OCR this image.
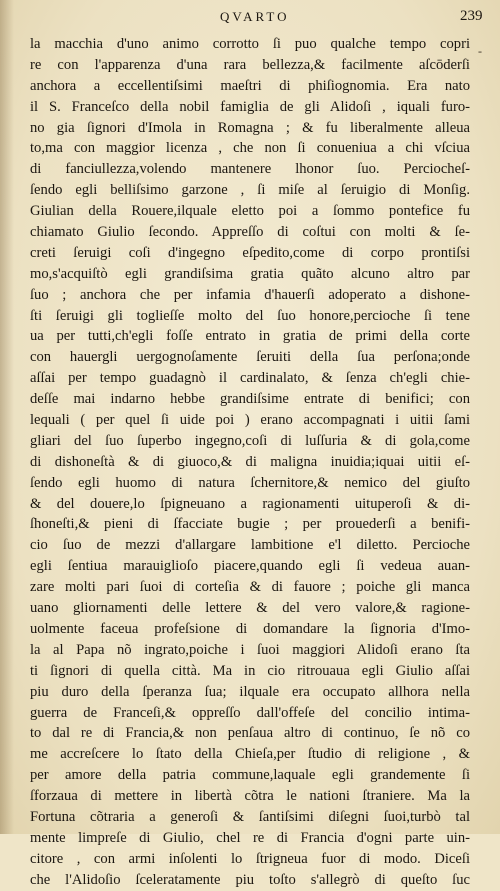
QVARTO	239
-
la macchia d'uno animo corrotto ſi puo qualche tempo copri
re con l'apparenza d'una rara bellezza,& facilmente aſcōderſi
anchora a eccellentiſsimi maeſtri di phiſiognomia. Era nato
il S. Franceſco della nobil famiglia de gli Alidoſi , iquali furo-
no gia ſignori d'Imola in Romagna ; & fu liberalmente alleua
to,ma con maggior licenza , che non ſi conueniua a chi vſciua
di fanciullezza,volendo mantenere lhonor ſuo. Perciocheſ-
ſendo egli belliſsimo garzone , ſi miſe al ſeruigio di Monſig.
Giulian della Rouere,ilquale eletto poi a ſommo pontefice fu
chiamato Giulio ſecondo. Appreſſo di coſtui con molti & ſe-
creti ſeruigi coſi d'ingegno eſpedito,come di corpo prontiſsi
mo,s'acquiſtò egli grandiſsima gratia quãto alcuno altro par
ſuo ; anchora che per infamia d'hauerſi adoperato a dishone-
ſti ſeruigi gli toglieſſe molto del ſuo honore,percioche ſi tene
ua per tutti,ch'egli foſſe entrato in gratia de primi della corte
con hauergli uergognoſamente ſeruiti della ſua perſona;onde
aſſai per tempo guadagnò il cardinalato, & ſenza ch'egli chie-
deſſe mai indarno hebbe grandiſsime entrate di benifici; con
lequali ( per quel ſi uide poi ) erano accompagnati i uitii ſami
gliari del ſuo ſuperbo ingegno,coſi di luſſuria & di gola,come
di dishoneſtà & di giuoco,& di maligna inuidia;iquai uitii eſ-
ſendo egli huomo di natura ſchernitore,& nemico del giuſto
& del douere,lo ſpigneuano a ragionamenti uituperoſi & di-
ſhoneſti,& pieni di ſfacciate bugie ; per prouederſi a benifi-
cio ſuo de mezzi d'allargare lambitione e'l diletto. Percioche
egli ſentiua marauiglioſo piacere,quando egli ſi vedeua auan-
zare molti pari ſuoi di corteſia & di fauore ; poiche gli manca
uano gliornamenti delle lettere & del vero valore,& ragione-
uolmente faceua profeſsione di domandare la ſignoria d'Imo-
la al Papa nõ ingrato,poiche i ſuoi maggiori Alidoſi erano ſta
ti ſignori di quella città. Ma in cio ritrouaua egli Giulio aſſai
piu duro della ſperanza ſua; ilquale era occupato allhora nella
guerra de Franceſi,& oppreſſo dall'offeſe del concilio intima-
to dal re di Francia,& non penſaua altro di continuo, ſe nõ co
me accreſcere lo ſtato della Chieſa,per ſtudio di religione , &
per amore della patria commune,laquale egli grandemente ſi
ſforzaua di mettere in libertà cõtra le nationi ſtraniere. Ma la
Fortuna cõtraria a generoſi & ſantiſsimi diſegni ſuoi,turbò tal
mente limpreſe di Giulio, chel re di Francia d'ogni parte uin-
citore , con armi inſolenti lo ſtrigneua fuor di modo. Diceſi
che l'Alidoſio ſceleratamente piu toſto s'allegrò di queſto ſuc
